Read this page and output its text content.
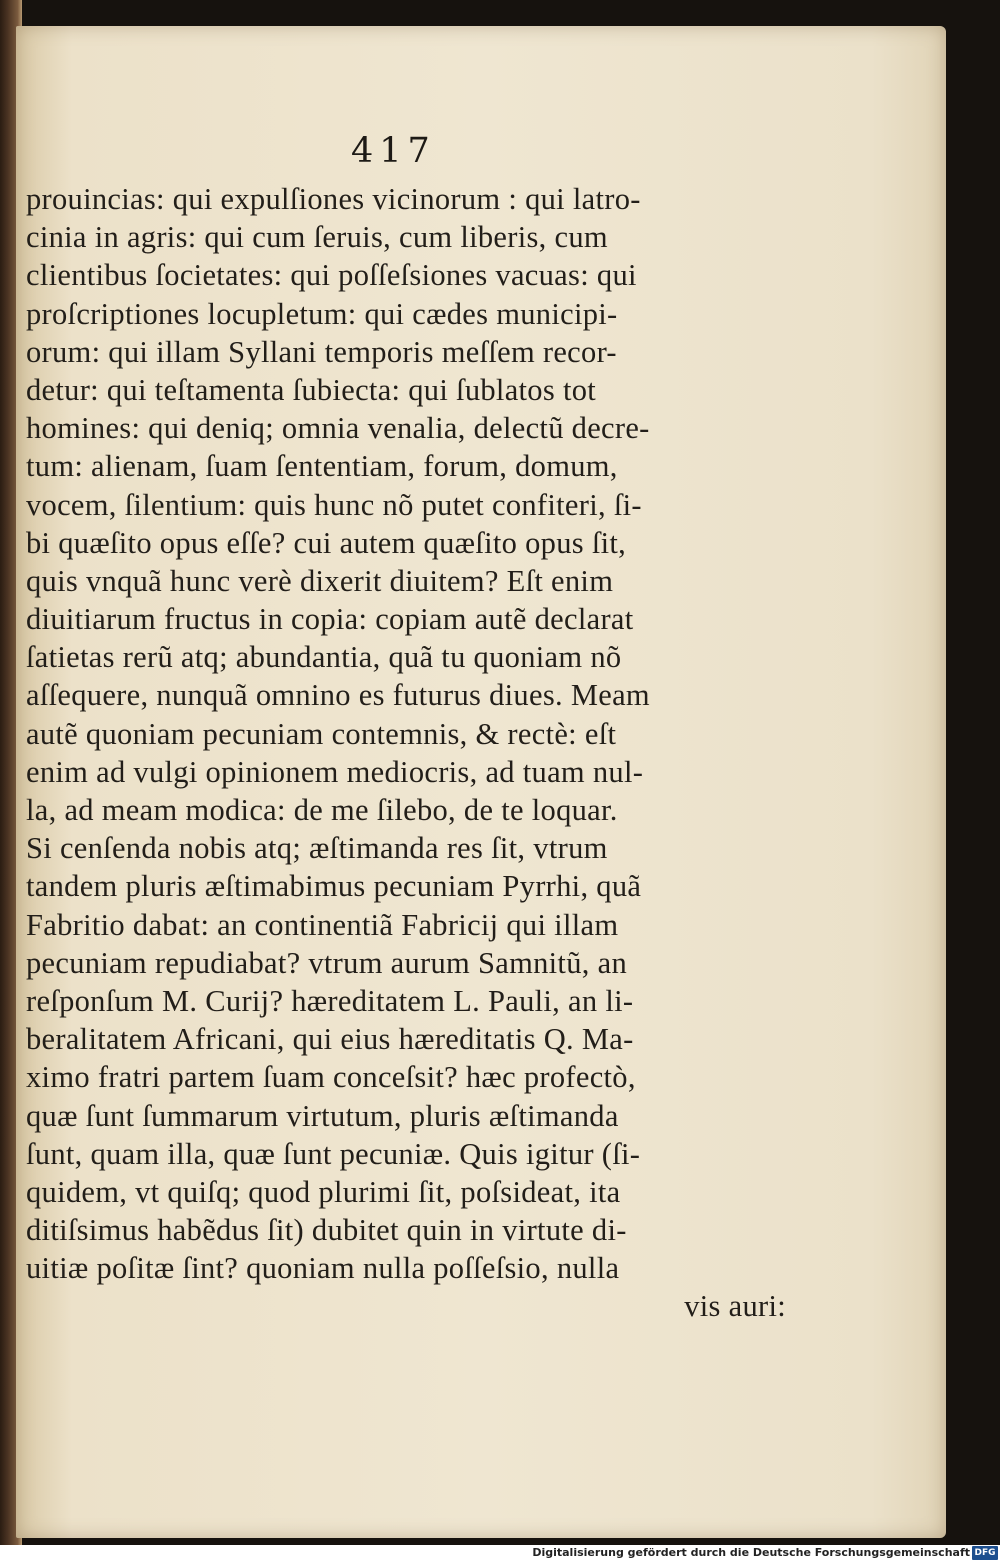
417
prouincias: qui expulſiones vicinorum : qui latro-
cinia in agris: qui cum ſeruis, cum liberis, cum
clientibus ſocietates: qui poſſeſsiones vacuas: qui
proſcriptiones locupletum: qui cædes municipi-
orum: qui illam Syllani temporis meſſem recor-
detur: qui teſtamenta ſubiecta: qui ſublatos tot
homines: qui deniq; omnia venalia, delectũ decre-
tum: alienam, ſuam ſententiam, forum, domum,
vocem, ſilentium: quis hunc nõ putet confiteri, ſi-
bi quæſito opus eſſe? cui autem quæſito opus ſit,
quis vnquã hunc verè dixerit diuitem? Eſt enim
diuitiarum fructus in copia: copiam autẽ declarat
ſatietas rerũ atq; abundantia, quã tu quoniam nõ
aſſequere, nunquã omnino es futurus diues. Meam
autẽ quoniam pecuniam contemnis, & rectè: eſt
enim ad vulgi opinionem mediocris, ad tuam nul-
la, ad meam modica: de me ſilebo, de te loquar.
Si cenſenda nobis atq; æſtimanda res ſit, vtrum
tandem pluris æſtimabimus pecuniam Pyrrhi, quã
Fabritio dabat: an continentiã Fabricij qui illam
pecuniam repudiabat? vtrum aurum Samnitũ, an
reſponſum M. Curij? hæreditatem L. Pauli, an li-
beralitatem Africani, qui eius hæreditatis Q. Ma-
ximo fratri partem ſuam conceſsit? hæc profectò,
quæ ſunt ſummarum virtutum, pluris æſtimanda
ſunt, quam illa, quæ ſunt pecuniæ. Quis igitur (ſi-
quidem, vt quiſq; quod plurimi ſit, poſsideat, ita
ditiſsimus habẽdus ſit) dubitet quin in virtute di-
uitiæ poſitæ ſint? quoniam nulla poſſeſsio, nulla
vis auri:
Digitalisierung gefördert durch die Deutsche Forschungsgemeinschaft DFG
